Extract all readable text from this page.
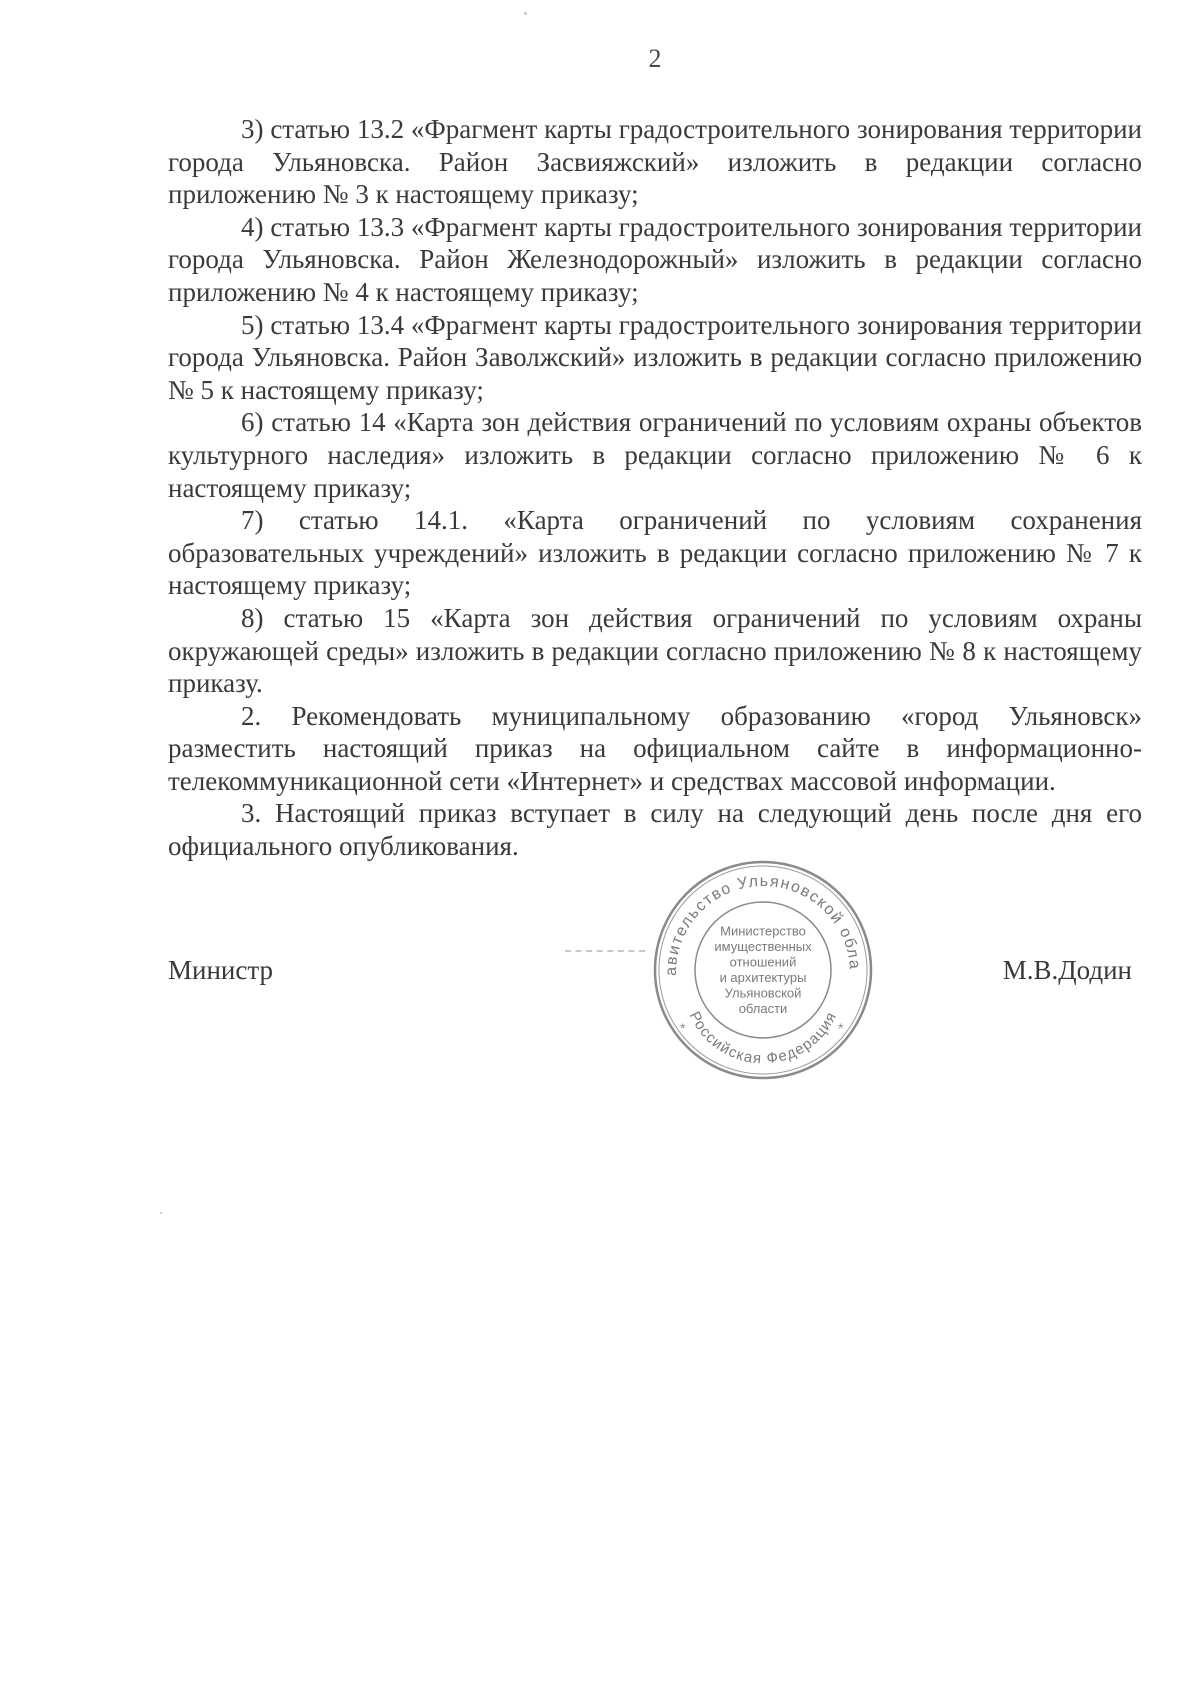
2

3) статью 13.2 «Фрагмент карты градостроительного зонирования территории города Ульяновска. Район Засвияжский» изложить в редакции согласно приложению № 3 к настоящему приказу;

4) статью 13.3 «Фрагмент карты градостроительного зонирования территории города Ульяновска. Район Железнодорожный» изложить в редакции согласно приложению № 4 к настоящему приказу;

5) статью 13.4 «Фрагмент карты градостроительного зонирования территории города Ульяновска. Район Заволжский» изложить в редакции согласно приложению № 5 к настоящему приказу;

6) статью 14 «Карта зон действия ограничений по условиям охраны объектов культурного наследия» изложить в редакции согласно приложению № 6 к настоящему приказу;

7) статью 14.1. «Карта ограничений по условиям сохранения образовательных учреждений» изложить в редакции согласно приложению № 7 к настоящему приказу;

8) статью 15 «Карта зон действия ограничений по условиям охраны окружающей среды» изложить в редакции согласно приложению № 8 к настоящему приказу.

2. Рекомендовать муниципальному образованию «город Ульяновск» разместить настоящий приказ на официальном сайте в информационно-телекоммуникационной сети «Интернет» и средствах массовой информации.

3. Настоящий приказ вступает в силу на следующий день после дня его официального опубликования.

авительство Ульяновской обла
Российская Федерация
*	*
Министерство
имущественных
отношений
и архитектуры
Ульяновской
области
Министр	М.В.Додин
